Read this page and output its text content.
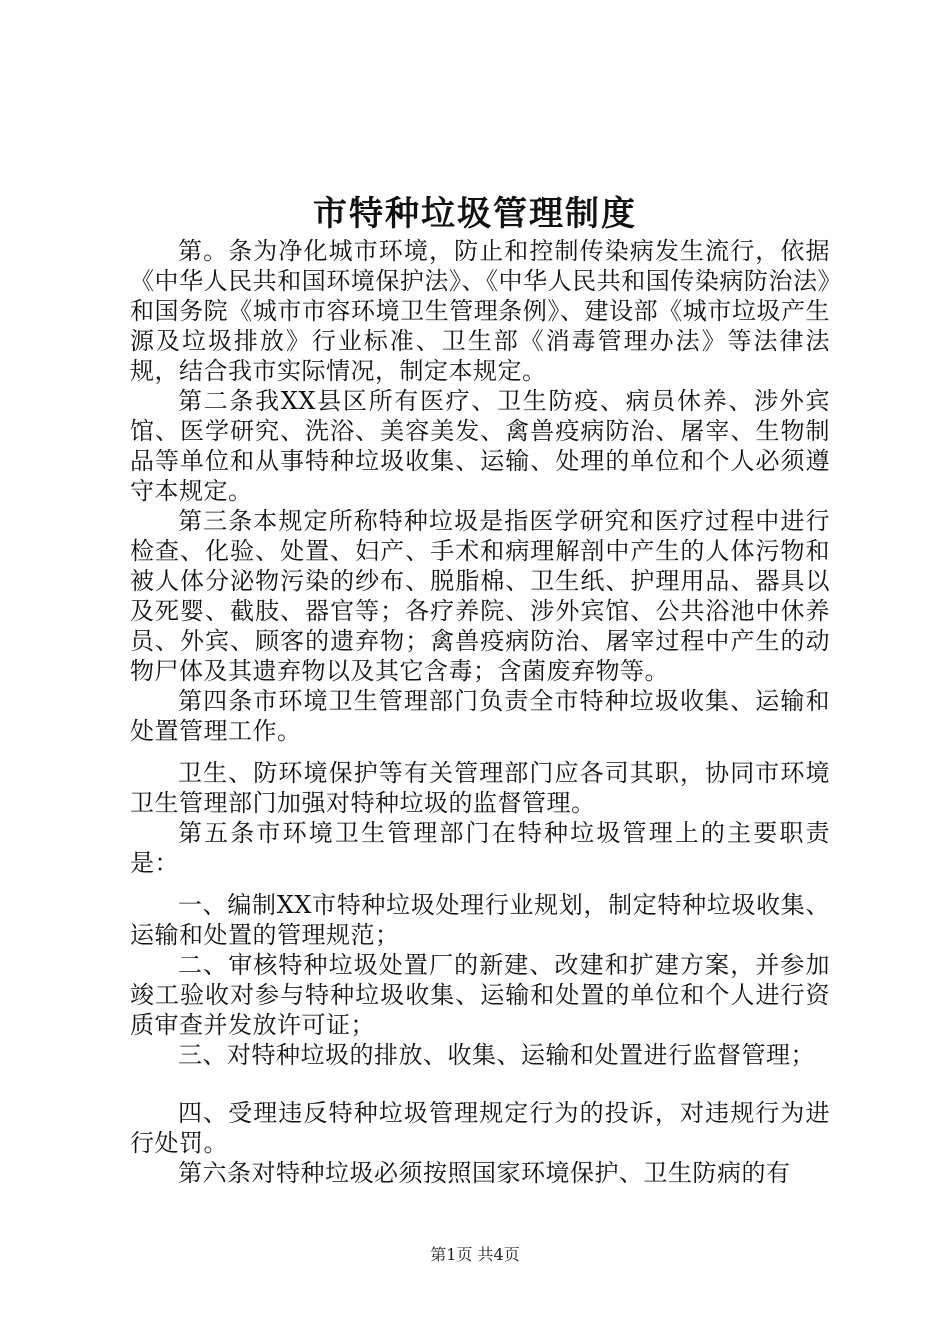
市特种垃圾管理制度

第。条为净化城市环境，防止和控制传染病发生流行，依据《中华人民共和国环境保护法》、《中华人民共和国传染病防治法》和国务院《城市市容环境卫生管理条例》、建设部《城市垃圾产生源及垃圾排放》行业标准、卫生部《消毒管理办法》等法律法规，结合我市实际情况，制定本规定。

第二条我XX县区所有医疗、卫生防疫、病员休养、涉外宾馆、医学研究、洗浴、美容美发、禽兽疫病防治、屠宰、生物制品等单位和从事特种垃圾收集、运输、处理的单位和个人必须遵守本规定。

第三条本规定所称特种垃圾是指医学研究和医疗过程中进行检查、化验、处置、妇产、手术和病理解剖中产生的人体污物和被人体分泌物污染的纱布、脱脂棉、卫生纸、护理用品、器具以及死婴、截肢、器官等；各疗养院、涉外宾馆、公共浴池中休养员、外宾、顾客的遗弃物；禽兽疫病防治、屠宰过程中产生的动物尸体及其遗弃物以及其它含毒；含菌废弃物等。

第四条市环境卫生管理部门负责全市特种垃圾收集、运输和处置管理工作。

卫生、防环境保护等有关管理部门应各司其职，协同市环境卫生管理部门加强对特种垃圾的监督管理。

第五条市环境卫生管理部门在特种垃圾管理上的主要职责是：

一、编制XX市特种垃圾处理行业规划，制定特种垃圾收集、运输和处置的管理规范；

二、审核特种垃圾处置厂的新建、改建和扩建方案，并参加竣工验收对参与特种垃圾收集、运输和处置的单位和个人进行资质审查并发放许可证；

三、对特种垃圾的排放、收集、运输和处置进行监督管理；

四、受理违反特种垃圾管理规定行为的投诉，对违规行为进行处罚。

第六条对特种垃圾必须按照国家环境保护、卫生防病的有

第1页 共4页
